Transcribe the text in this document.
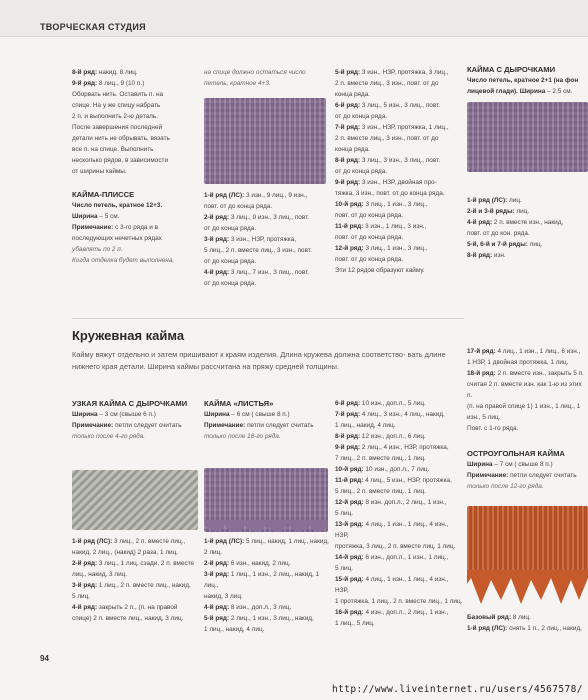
ТВОРЧЕСКАЯ СТУДИЯ

8-й ряд: накид, 8 лиц.

9-й ряд: 8 лиц., 9 (10 п.)

Оборвать нить. Оставить п. на

спице. На у же спицу набрать

2 п. и выполнить 2-ю деталь.

После завершения последней

детали нить не обрывать, вязать

все п. на спице. Выполнить

несколько рядов, в зависимости

от ширины каймы.

КАЙМА-ПЛИССЕ

Число петель, кратное 12+3.

Ширина – 5 см.

Примечание: с 3-го ряда и в последующих нечетных рядах

убавлять по 2 п.

Когда отделка будет выполнена,

на спице должно остаться число

петель, кратное 4+3.

1-й ряд (ЛС): 3 изн., 9 лиц., 9 изн.,

повт. от до конца ряда.

2-й ряд: 3 лиц., 9 изн., 3 лиц., повт.

от до конца ряда.

3-й ряд: 3 изн., НЗР, протяжка,

5 лиц., 2 п. вместе лиц., 3 изн., повт.

от до конца ряда.

4-й ряд: 3 лиц., 7 изн., 3 лиц., повт.

от до конца ряда.

5-й ряд: 3 изн., НЗР, протяжка, 3 лиц.,

2 п. вместе лиц., 3 изн., повт. от до

конца ряда.

6-й ряд: 3 лиц., 5 изн., 3 лиц., повт.

от до конца ряда.

7-й ряд: 3 изн., НЗР, протяжка, 1 лиц.,

2 п. вместе лиц., 3 изн., повт. от до

конца ряда.

8-й ряд: 3 лиц., 3 изн., 3 лиц., повт.

от до конца ряда.

9-й ряд: 3 изн., НЗР, двойная про-

тяжка, 3 изн., повт. от до конца ряда.

10-й ряд: 3 лиц., 1 изн., 3 лиц.,

повт. от до конца ряда.

11-й ряд: 3 изн., 1 лиц., 3 изн.,

повт. от до конца ряда.

12-й ряд: 3 лиц., 1 изн., 3 лиц.,

повт. от до конца ряда.

Эти 12 рядов образуют кайму.

КАЙМА С ДЫРОЧКАМИ

Число петель, кратное 2+1 (на фон

лицевой глади). Ширина – 2.5 см.

1-й ряд (ЛС): лиц.

2-й и 3-й ряды: лиц.

4-й ряд: 2 п. вместе изн., накид,

повт. от до кон. ряда.

5-й, 6-й и 7-й ряды: лиц.

8-й ряд: изн.

Кружевная кайма
Кайму вяжут отдельно и затем пришивают к краям изделия. Длина кружева должна соответство- вать длине нижнего края детали. Ширина каймы рассчитана на пряжу средней толщины.

УЗКАЯ КАЙМА С ДЫРОЧКАМИ

Ширина – 3 см (свыше 6 п.)

Примечание: петли следует считать

только после 4-го ряда.

1-й ряд (ЛС): 3 лиц., 2 п. вместе лиц.,

накид, 2 лиц., (накид) 2 раза, 1 лиц.

2-й ряд: 3 лиц., 1 лиц. сзади, 2 п. вместе

лиц., накид, 3 лиц.

3-й ряд: 1 лиц., 2 п. вместе лиц., накид,

5 лиц.

4-й ряд: закрыть 2 п., (п. на правой

спице) 2 п. вместе лиц., накид, 3 лиц.

КАЙМА «ЛИСТЬЯ»

Ширина – 6 см ( свыше 8 п.)

Примечание: петли следует считать

только после 18-го ряда.

1-й ряд (ЛС): 5 лиц., накид, 1 лиц., накид,

2 лиц.

2-й ряд: 6 изн., накид, 2 лиц.

3-й ряд: 1 лиц., 1 изн., 2 лиц., накид, 1 лиц.,

накид, 3 лиц.

4-й ряд: 8 изн., доп.л., 3 лиц.

5-й ряд: 2 лиц., 1 изн., 3 лиц., накид,

1 лиц., накид, 4 лиц.

6-й ряд: 10 изн., доп.л., 5 лиц.

7-й ряд: 4 лиц., 3 изн., 4 лиц., накид,

1 лиц., накид, 4 лиц.

8-й ряд: 12 изн., доп.л., 6 лиц.

9-й ряд: 2 лиц., 4 изн., НЗР, протяжка,

7 лиц., 2 п. вместе лиц., 1 лиц.

10-й ряд: 10 изн., доп.л., 7 лиц.

11-й ряд: 4 лиц., 5 изн., НЗР, протяжка,

5 лиц., 2 п. вместе лиц., 1 лиц.

12-й ряд: 8 изн. доп.л., 2 лиц., 1 изн.,

5 лиц.

13-й ряд: 4 лиц., 1 изн., 1 лиц., 4 изн., НЗР,

протяжка, 3 лиц., 2 п. вместе лиц. 1 лиц.

14-й ряд: 6 изн., доп.л., 1 изн., 1 лиц.,

5 лиц.

15-й ряд: 4 лиц., 1 изн., 1 лиц., 4 изн., НЗР,

1 протяжка, 1 лиц., 2 п. вместе лиц., 1 лиц.

16-й ряд: 4 изн., доп.л., 2 лиц., 1 изн.,

1 лиц., 5 лиц.

17-й ряд: 4 лиц., 1 изн., 1 лиц., 6 изн.,

1 НЗР, 1 двойная протяжка, 1 лиц.

18-й ряд: 2 п. вместе изн., закрыть 5 п.

считая 2 п. вместе изн. как 1-ю из этих п.

(п. на правой спице 1) 1 изн., 1 лиц., 1 изн., 5 лиц.

Повт. с 1-го ряда.

ОСТРОУГОЛЬНАЯ КАЙМА

Ширина – 7 см ( свыше 8 п.)

Примечание: петли следует считать

только после 12-го ряда.

Базовый ряд: 8 лиц.

1-й ряд (ЛС): снять 1 п., 2 лиц., накид,

94
http://www.liveinternet.ru/users/4567578/
